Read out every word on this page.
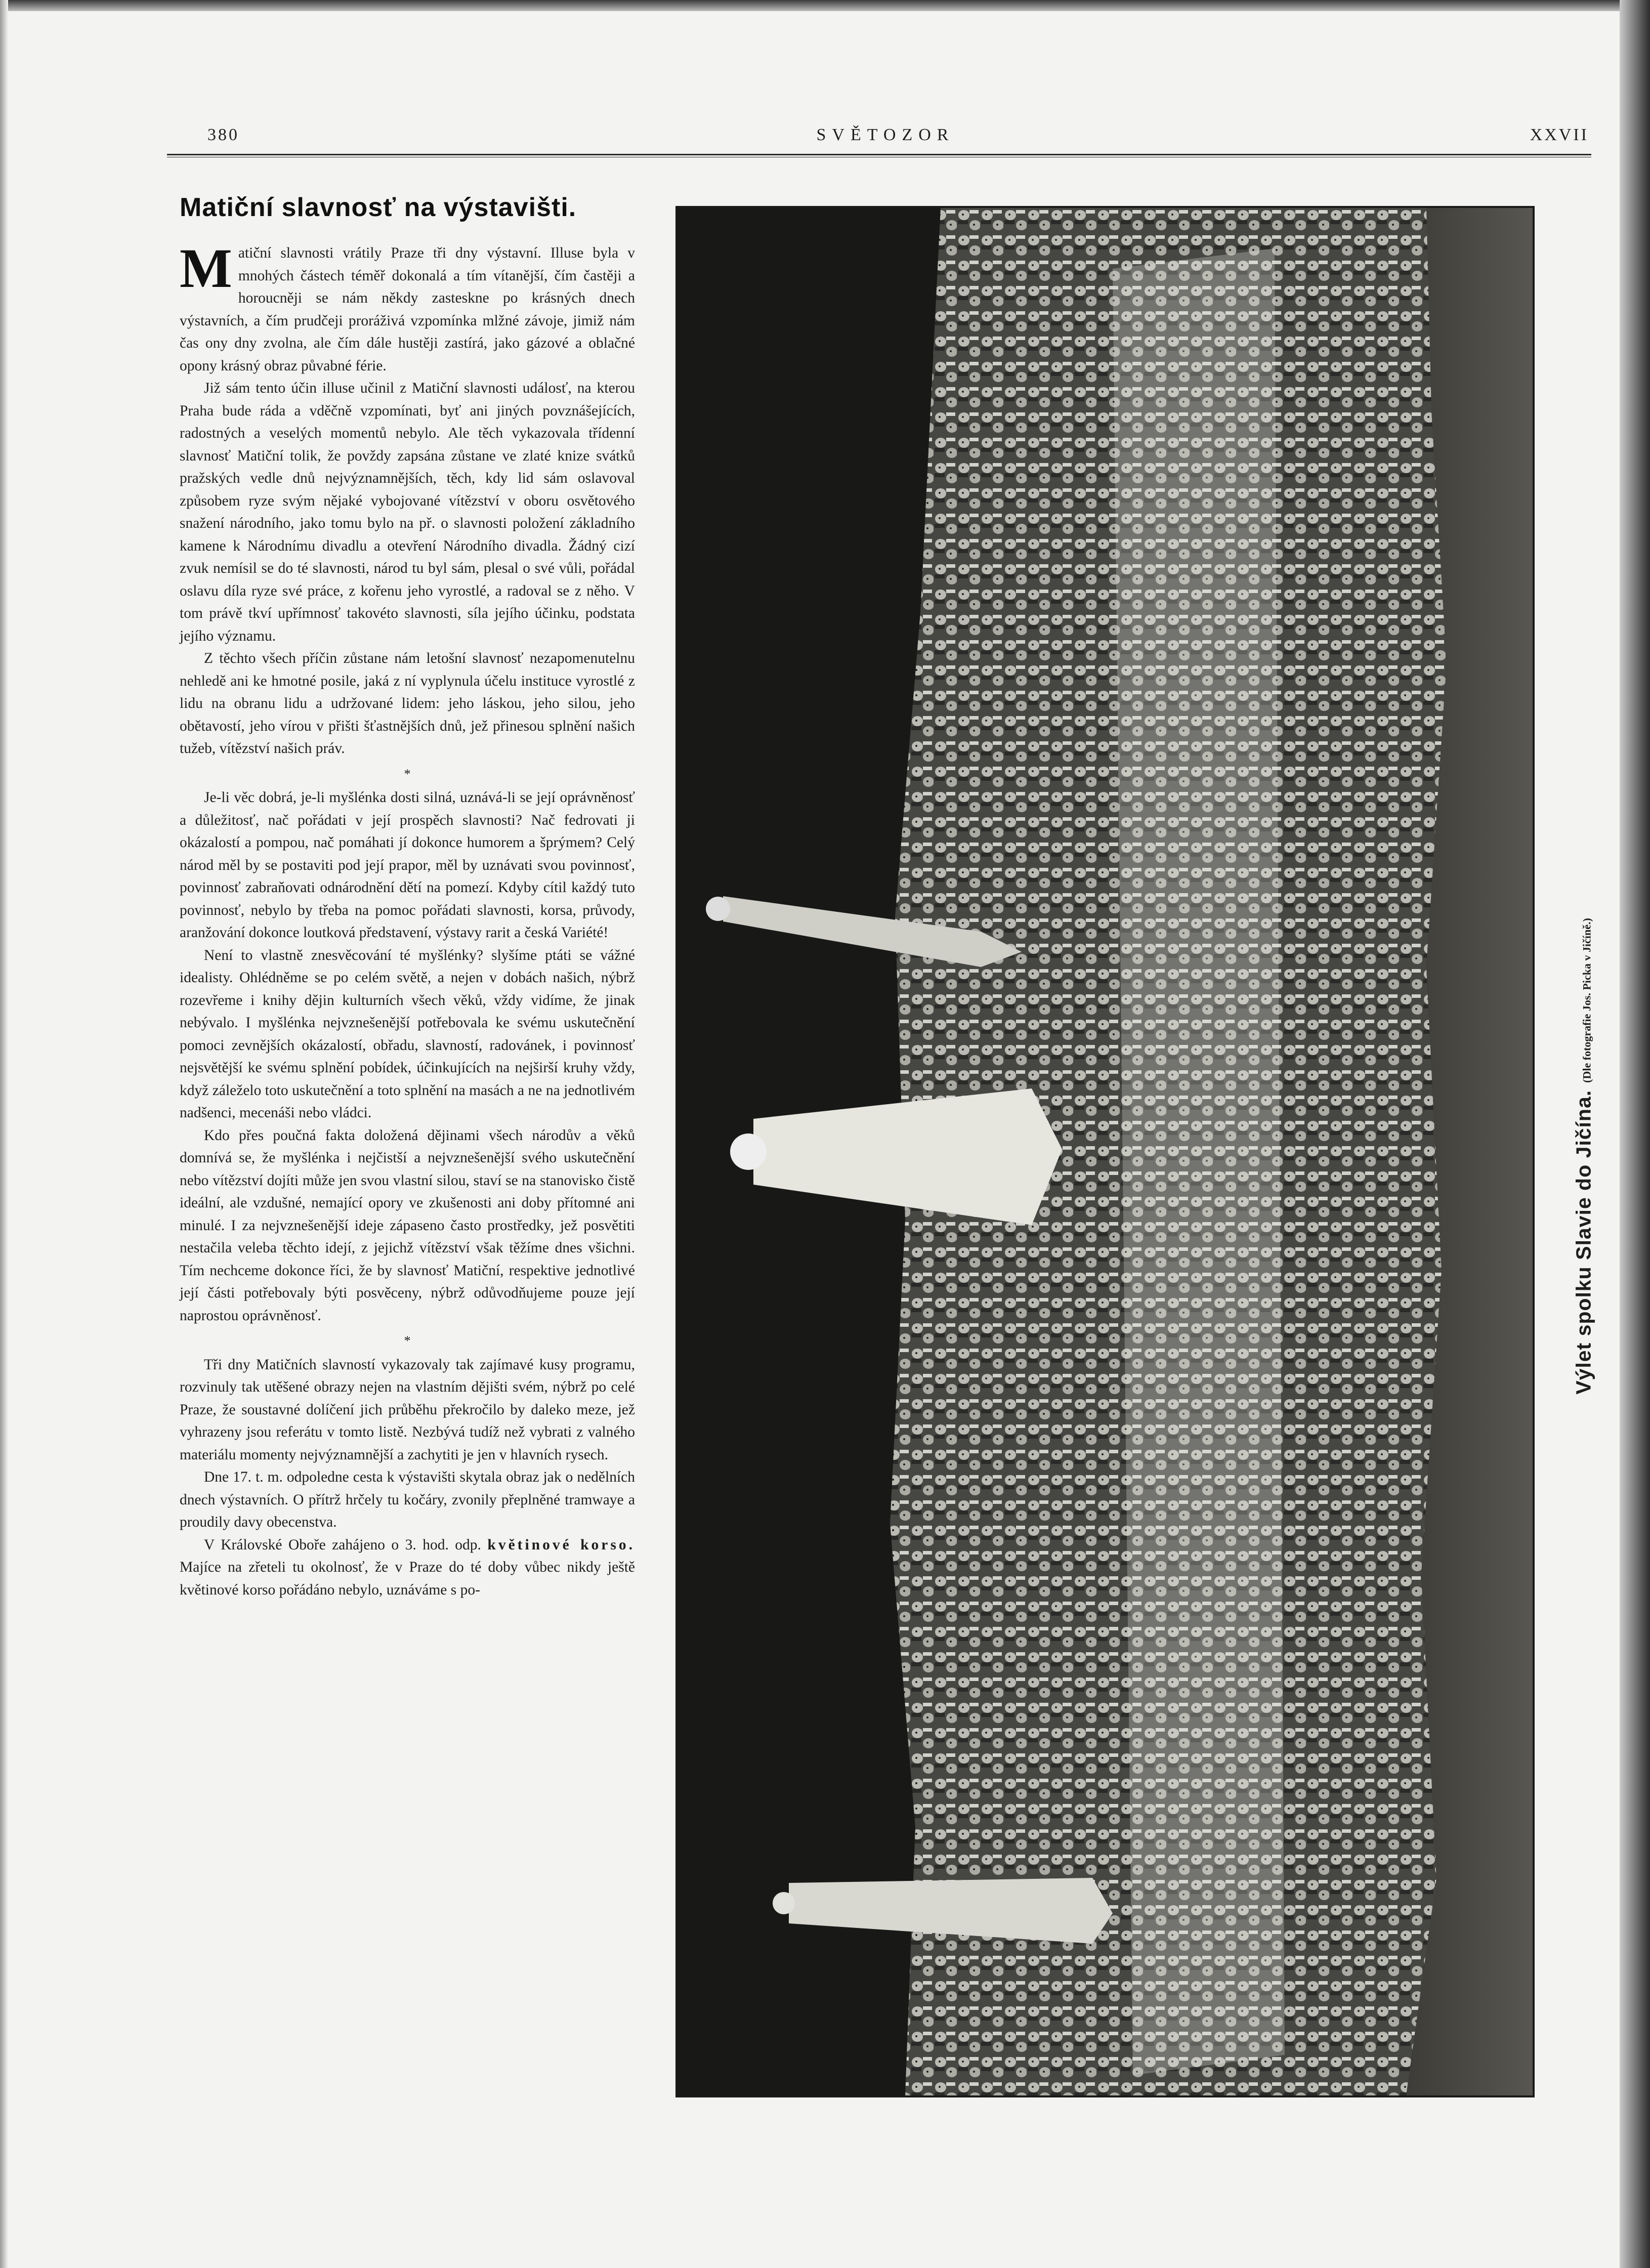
380	SVĚTOZOR	XXVII
Matiční slavnosť na výstavišti.

Matiční slavnosti vrátily Praze tři dny výstavní. Illuse byla v mnohých částech téměř dokonalá a tím vítanější, čím častěji a horoucněji se nám někdy zasteskne po krásných dnech výstavních, a čím prudčeji proráživá vzpomínka mlžné závoje, jimiž nám čas ony dny zvolna, ale čím dále hustěji zastírá, jako gázové a oblačné opony krásný obraz půvabné férie.

Již sám tento účin illuse učinil z Matiční slavnosti událosť, na kterou Praha bude ráda a vděčně vzpomínati, byť ani jiných povznášejících, radostných a veselých momentů nebylo. Ale těch vykazovala třídenní slavnosť Matiční tolik, že povždy zapsána zůstane ve zlaté knize svátků pražských vedle dnů nejvýznamnějších, těch, kdy lid sám oslavoval způsobem ryze svým nějaké vybojované vítězství v oboru osvětového snažení národního, jako tomu bylo na př. o slavnosti položení základního kamene k Národnímu divadlu a otevření Národního divadla. Žádný cizí zvuk nemísil se do té slavnosti, národ tu byl sám, plesal o své vůli, pořádal oslavu díla ryze své práce, z kořenu jeho vyrostlé, a radoval se z něho. V tom právě tkví upřímnosť takovéto slavnosti, síla jejího účinku, podstata jejího významu.

Z těchto všech příčin zůstane nám letošní slavnosť nezapomenutelnu nehledě ani ke hmotné posile, jaká z ní vyplynula účelu instituce vyrostlé z lidu na obranu lidu a udržované lidem: jeho láskou, jeho silou, jeho obětavostí, jeho vírou v přišti šťastnějších dnů, jež přinesou splnění našich tužeb, vítězství našich práv.

*

Je-li věc dobrá, je-li myšlénka dosti silná, uznává-li se její oprávněnosť a důležitosť, nač pořádati v její prospěch slavnosti? Nač fedrovati ji okázalostí a pompou, nač pomáhati jí dokonce humorem a šprýmem? Celý národ měl by se postaviti pod její prapor, měl by uznávati svou povinnosť, povinnosť zabraňovati odnárodnění dětí na pomezí. Kdyby cítil každý tuto povinnosť, nebylo by třeba na pomoc pořádati slavnosti, korsa, průvody, aranžování dokonce loutková představení, výstavy rarit a česká Variété!

Není to vlastně znesvěcování té myšlénky? slyšíme ptáti se vážné idealisty. Ohlédněme se po celém světě, a nejen v dobách našich, nýbrž rozevřeme i knihy dějin kulturních všech věků, vždy vidíme, že jinak nebývalo. I myšlénka nejvznešenější potřebovala ke svému uskutečnění pomoci zevnějších okázalostí, obřadu, slavností, radovánek, i povinnosť nejsvětější ke svému splnění pobídek, účinkujících na nejširší kruhy vždy, když záleželo toto uskutečnění a toto splnění na masách a ne na jednotlivém nadšenci, mecenáši nebo vládci.

Kdo přes poučná fakta doložená dějinami všech národův a věků domnívá se, že myšlénka i nejčistší a nejvznešenější svého uskutečnění nebo vítězství dojíti může jen svou vlastní silou, staví se na stanovisko čistě ideální, ale vzdušné, nemající opory ve zkušenosti ani doby přítomné ani minulé. I za nejvznešenější ideje zápaseno často prostředky, jež posvětiti nestačila veleba těchto idejí, z jejichž vítězství však těžíme dnes všichni. Tím nechceme dokonce říci, že by slavnosť Matiční, respektive jednotlivé její části potřebovaly býti posvěceny, nýbrž odůvodňujeme pouze její naprostou oprávněnosť.

*

Tři dny Matičních slavností vykazovaly tak zajímavé kusy programu, rozvinuly tak utěšené obrazy nejen na vlastním dějišti svém, nýbrž po celé Praze, že soustavné dolíčení jich průběhu překročilo by daleko meze, jež vyhrazeny jsou referátu v tomto listě. Nezbývá tudíž než vybrati z valného materiálu momenty nejvýznamnější a zachytiti je jen v hlavních rysech.

Dne 17. t. m. odpoledne cesta k výstavišti skytala obraz jak o nedělních dnech výstavních. O přítrž hrčely tu kočáry, zvonily přeplněné tramwaye a proudily davy obecenstva.

V Královské Oboře zahájeno o 3. hod. odp. květinové korso. Majíce na zřeteli tu okolnosť, že v Praze do té doby vůbec nikdy ještě květinové korso pořádáno nebylo, uznáváme s po-

Výlet spolku Slavie do Jičína.(Dle fotografie Jos. Picka v Jičíně.)
